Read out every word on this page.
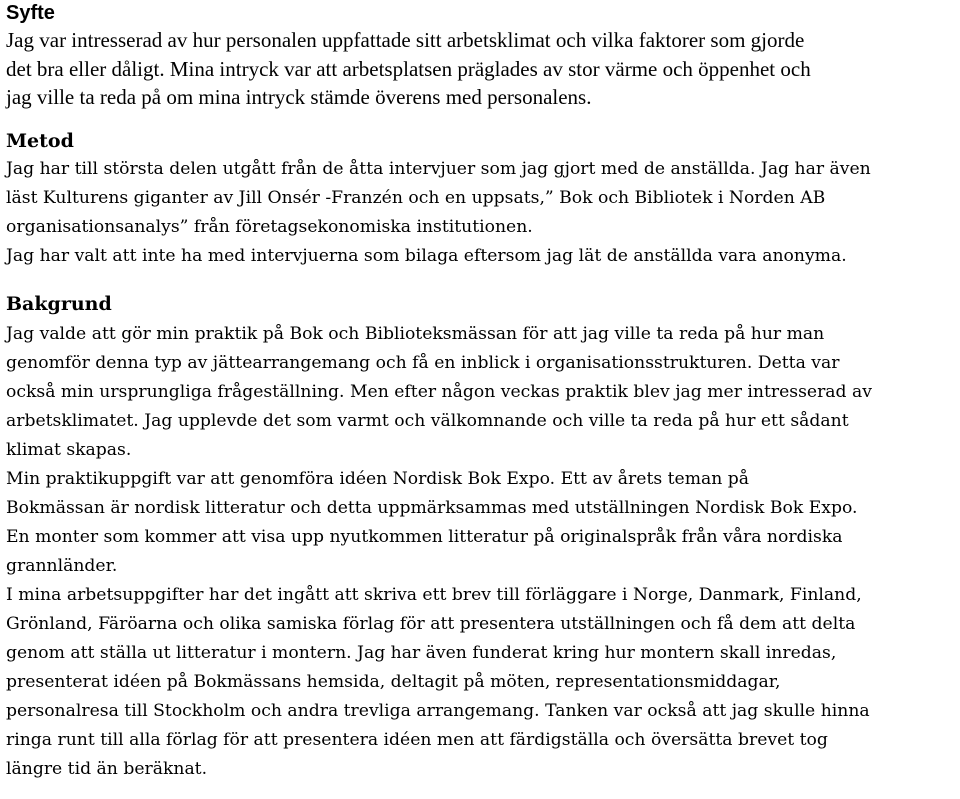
Syfte

Jag var intresserad av hur personalen uppfattade sitt arbetsklimat och vilka faktorer som gjorde
det bra eller dåligt. Mina intryck var att arbetsplatsen präglades av stor värme och öppenhet och
jag ville ta reda på om mina intryck stämde överens med personalens.

Metod

Jag har till största delen utgått från de åtta intervjuer som jag gjort med de anställda. Jag har även
läst Kulturens giganter av Jill Onsér -Franzén och en uppsats,” Bok och Bibliotek i Norden AB
organisationsanalys” från företagsekonomiska institutionen.
Jag har valt att inte ha med intervjuerna som bilaga eftersom jag lät de anställda vara anonyma.

Bakgrund

Jag valde att gör min praktik på Bok och Biblioteksmässan för att jag ville ta reda på hur man
genomför denna typ av jättearrangemang och få en inblick i organisationsstrukturen. Detta var
också min ursprungliga frågeställning. Men efter någon veckas praktik blev jag mer intresserad av
arbetsklimatet. Jag upplevde det som varmt och välkomnande och ville ta reda på hur ett sådant
klimat skapas.
Min praktikuppgift var att genomföra idéen Nordisk Bok Expo. Ett av årets teman på
Bokmässan är nordisk litteratur och detta uppmärksammas med utställningen Nordisk Bok Expo.
En monter som kommer att visa upp nyutkommen litteratur på originalspråk från våra nordiska
grannländer.
I mina arbetsuppgifter har det ingått att skriva ett brev till förläggare i Norge, Danmark, Finland,
Grönland, Färöarna och olika samiska förlag för att presentera utställningen och få dem att delta
genom att ställa ut litteratur i montern. Jag har även funderat kring hur montern skall inredas,
presenterat idéen på Bokmässans hemsida, deltagit på möten, representationsmiddagar,
personalresa till Stockholm och andra trevliga arrangemang. Tanken var också att jag skulle hinna
ringa runt till alla förlag för att presentera idéen men att färdigställa och översätta brevet tog
längre tid än beräknat.
